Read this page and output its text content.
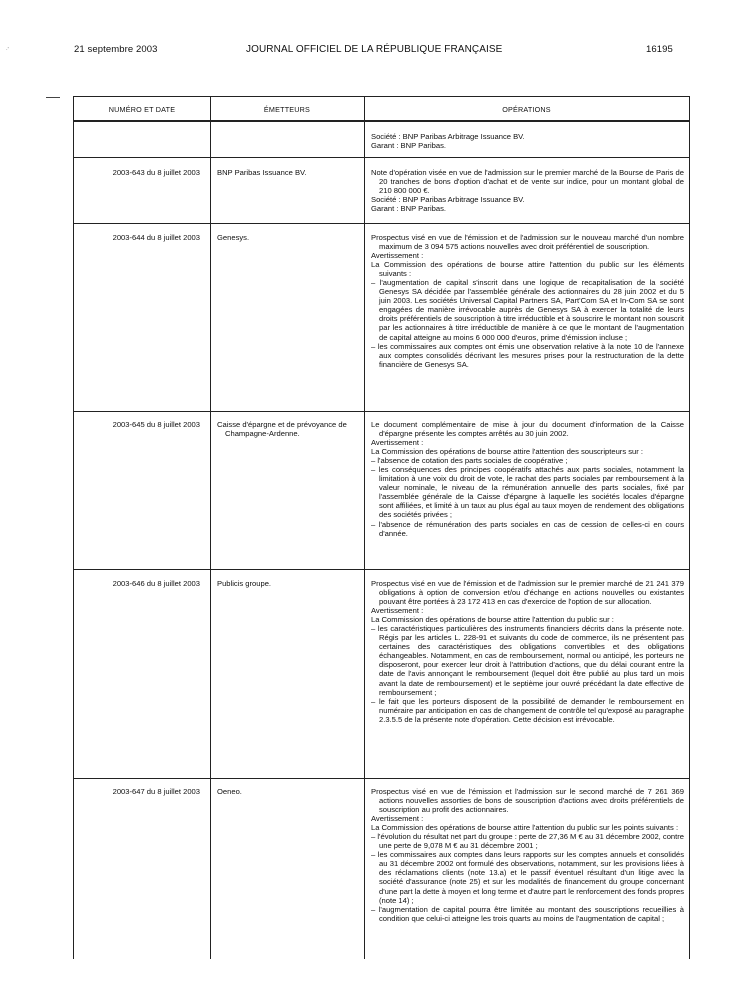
21 septembre 2003	JOURNAL OFFICIEL DE LA RÉPUBLIQUE FRANÇAISE	16195
·'
NUMÉRO ET DATE	ÉMETTEURS	OPÉRATIONS

Société : BNP Paribas Arbitrage Issuance BV.

Garant : BNP Paribas.

2003-643 du 8 juillet 2003	BNP Paribas Issuance BV.	Note d'opération visée en vue de l'admission sur le premier marché de la Bourse de Paris de 20 tranches de bons d'option d'achat et de vente sur indice, pour un montant global de 210 800 000 €.

Société : BNP Paribas Arbitrage Issuance BV.

Garant : BNP Paribas.

2003-644 du 8 juillet 2003	Genesys.	Prospectus visé en vue de l'émission et de l'admission sur le nouveau marché d'un nombre maximum de 3 094 575 actions nouvelles avec droit préférentiel de souscription.

Avertissement :

La Commission des opérations de bourse attire l'attention du public sur les éléments suivants :

– l'augmentation de capital s'inscrit dans une logique de recapitalisation de la société Genesys SA décidée par l'assemblée générale des actionnaires du 28 juin 2002 et du 5 juin 2003. Les sociétés Universal Capital Partners SA, Part'Com SA et In-Com SA se sont engagées de manière irrévocable auprès de Genesys SA à exercer la totalité de leurs droits préférentiels de souscription à titre irréductible et à souscrire le montant non souscrit par les actionnaires à titre irréductible de manière à ce que le montant de l'augmentation de capital atteigne au moins 6 000 000 d'euros, prime d'émission incluse ;

– les commissaires aux comptes ont émis une observation relative à la note 10 de l'annexe aux comptes consolidés décrivant les mesures prises pour la restructuration de la dette financière de Genesys SA.

2003-645 du 8 juillet 2003	Caisse d'épargne et de prévoyance de Champagne-Ardenne.

Le document complémentaire de mise à jour du document d'information de la Caisse d'épargne présente les comptes arrêtés au 30 juin 2002.

Avertissement :

La Commission des opérations de bourse attire l'attention des souscripteurs sur :

– l'absence de cotation des parts sociales de coopérative ;

– les conséquences des principes coopératifs attachés aux parts sociales, notamment la limitation à une voix du droit de vote, le rachat des parts sociales par remboursement à la valeur nominale, le niveau de la rémunération annuelle des parts sociales, fixé par l'assemblée générale de la Caisse d'épargne à laquelle les sociétés locales d'épargne sont affiliées, et limité à un taux au plus égal au taux moyen de rendement des obligations des sociétés privées ;

– l'absence de rémunération des parts sociales en cas de cession de celles-ci en cours d'année.

2003-646 du 8 juillet 2003	Publicis groupe.	Prospectus visé en vue de l'émission et de l'admission sur le premier marché de 21 241 379 obligations à option de conversion et/ou d'échange en actions nouvelles ou existantes pouvant être portées à 23 172 413 en cas d'exercice de l'option de sur allocation.

Avertissement :

La Commission des opérations de bourse attire l'attention du public sur :

– les caractéristiques particulières des instruments financiers décrits dans la présente note. Régis par les articles L. 228-91 et suivants du code de commerce, ils ne présentent pas certaines des caractéristiques des obligations convertibles et des obligations échangeables. Notamment, en cas de remboursement, normal ou anticipé, les porteurs ne disposeront, pour exercer leur droit à l'attribution d'actions, que du délai courant entre la date de l'avis annonçant le remboursement (lequel doit être publié au plus tard un mois avant la date de remboursement) et le septième jour ouvré précédant la date effective de remboursement ;

– le fait que les porteurs disposent de la possibilité de demander le remboursement en numéraire par anticipation en cas de changement de contrôle tel qu'exposé au paragraphe 2.3.5.5 de la présente note d'opération. Cette décision est irrévocable.

2003-647 du 8 juillet 2003	Oeneo.	Prospectus visé en vue de l'émission et l'admission sur le second marché de 7 261 369 actions nouvelles assorties de bons de souscription d'actions avec droits préférentiels de souscription au profit des actionnaires.

Avertissement :

La Commission des opérations de bourse attire l'attention du public sur les points suivants :

– l'évolution du résultat net part du groupe : perte de 27,36 M € au 31 décembre 2002, contre une perte de 9,078 M € au 31 décembre 2001 ;

– les commissaires aux comptes dans leurs rapports sur les comptes annuels et consolidés au 31 décembre 2002 ont formulé des observations, notamment, sur les provisions liées à des réclamations clients (note 13.a) et le passif éventuel résultant d'un litige avec la société d'assurance (note 25) et sur les modalités de financement du groupe concernant d'une part la dette à moyen et long terme et d'autre part le renforcement des fonds propres (note 14) ;

– l'augmentation de capital pourra être limitée au montant des souscriptions recueillies à condition que celui-ci atteigne les trois quarts au moins de l'augmentation de capital ;
